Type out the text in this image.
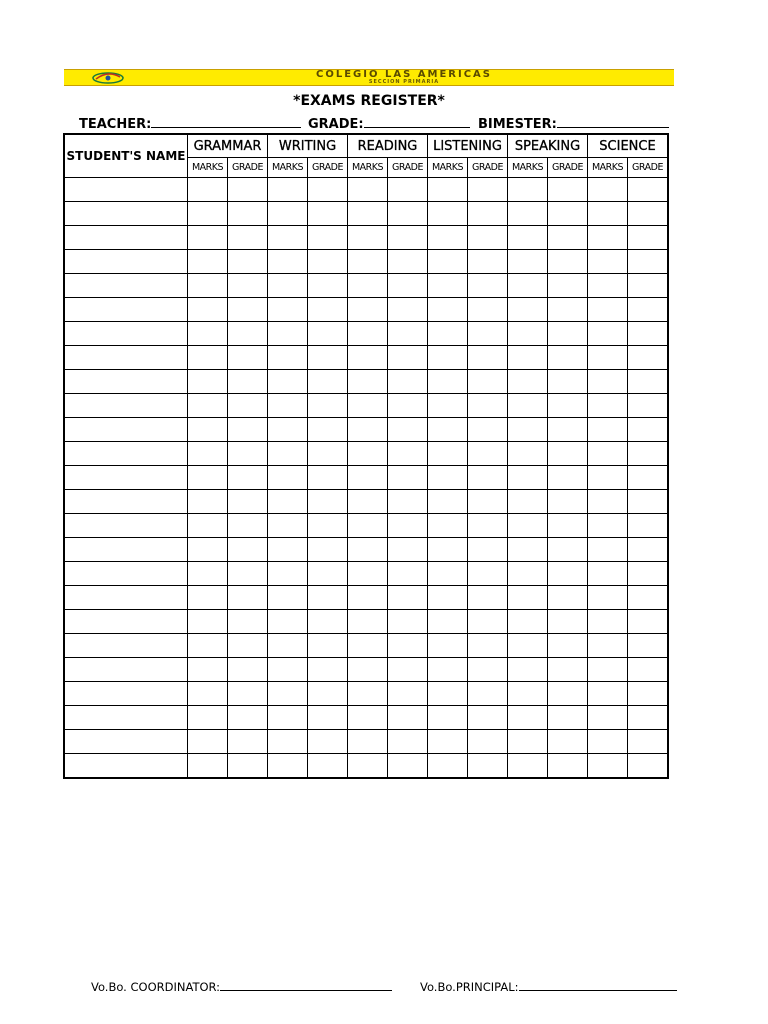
COLEGIO LAS AMÉRICAS
SECCION PRIMARIA
*EXAMS REGISTER*
TEACHER:	GRADE:	BIMESTER:
STUDENT'S NAME	GRAMMAR		WRITING		READING		LISTENING		SPEAKING		SCIENCE	
	MARKS	GRADE	MARKS	GRADE	MARKS	GRADE	MARKS	GRADE	MARKS	GRADE	MARKS	GRADE

Vo.Bo. COORDINATOR:	Vo.Bo.PRINCIPAL:
